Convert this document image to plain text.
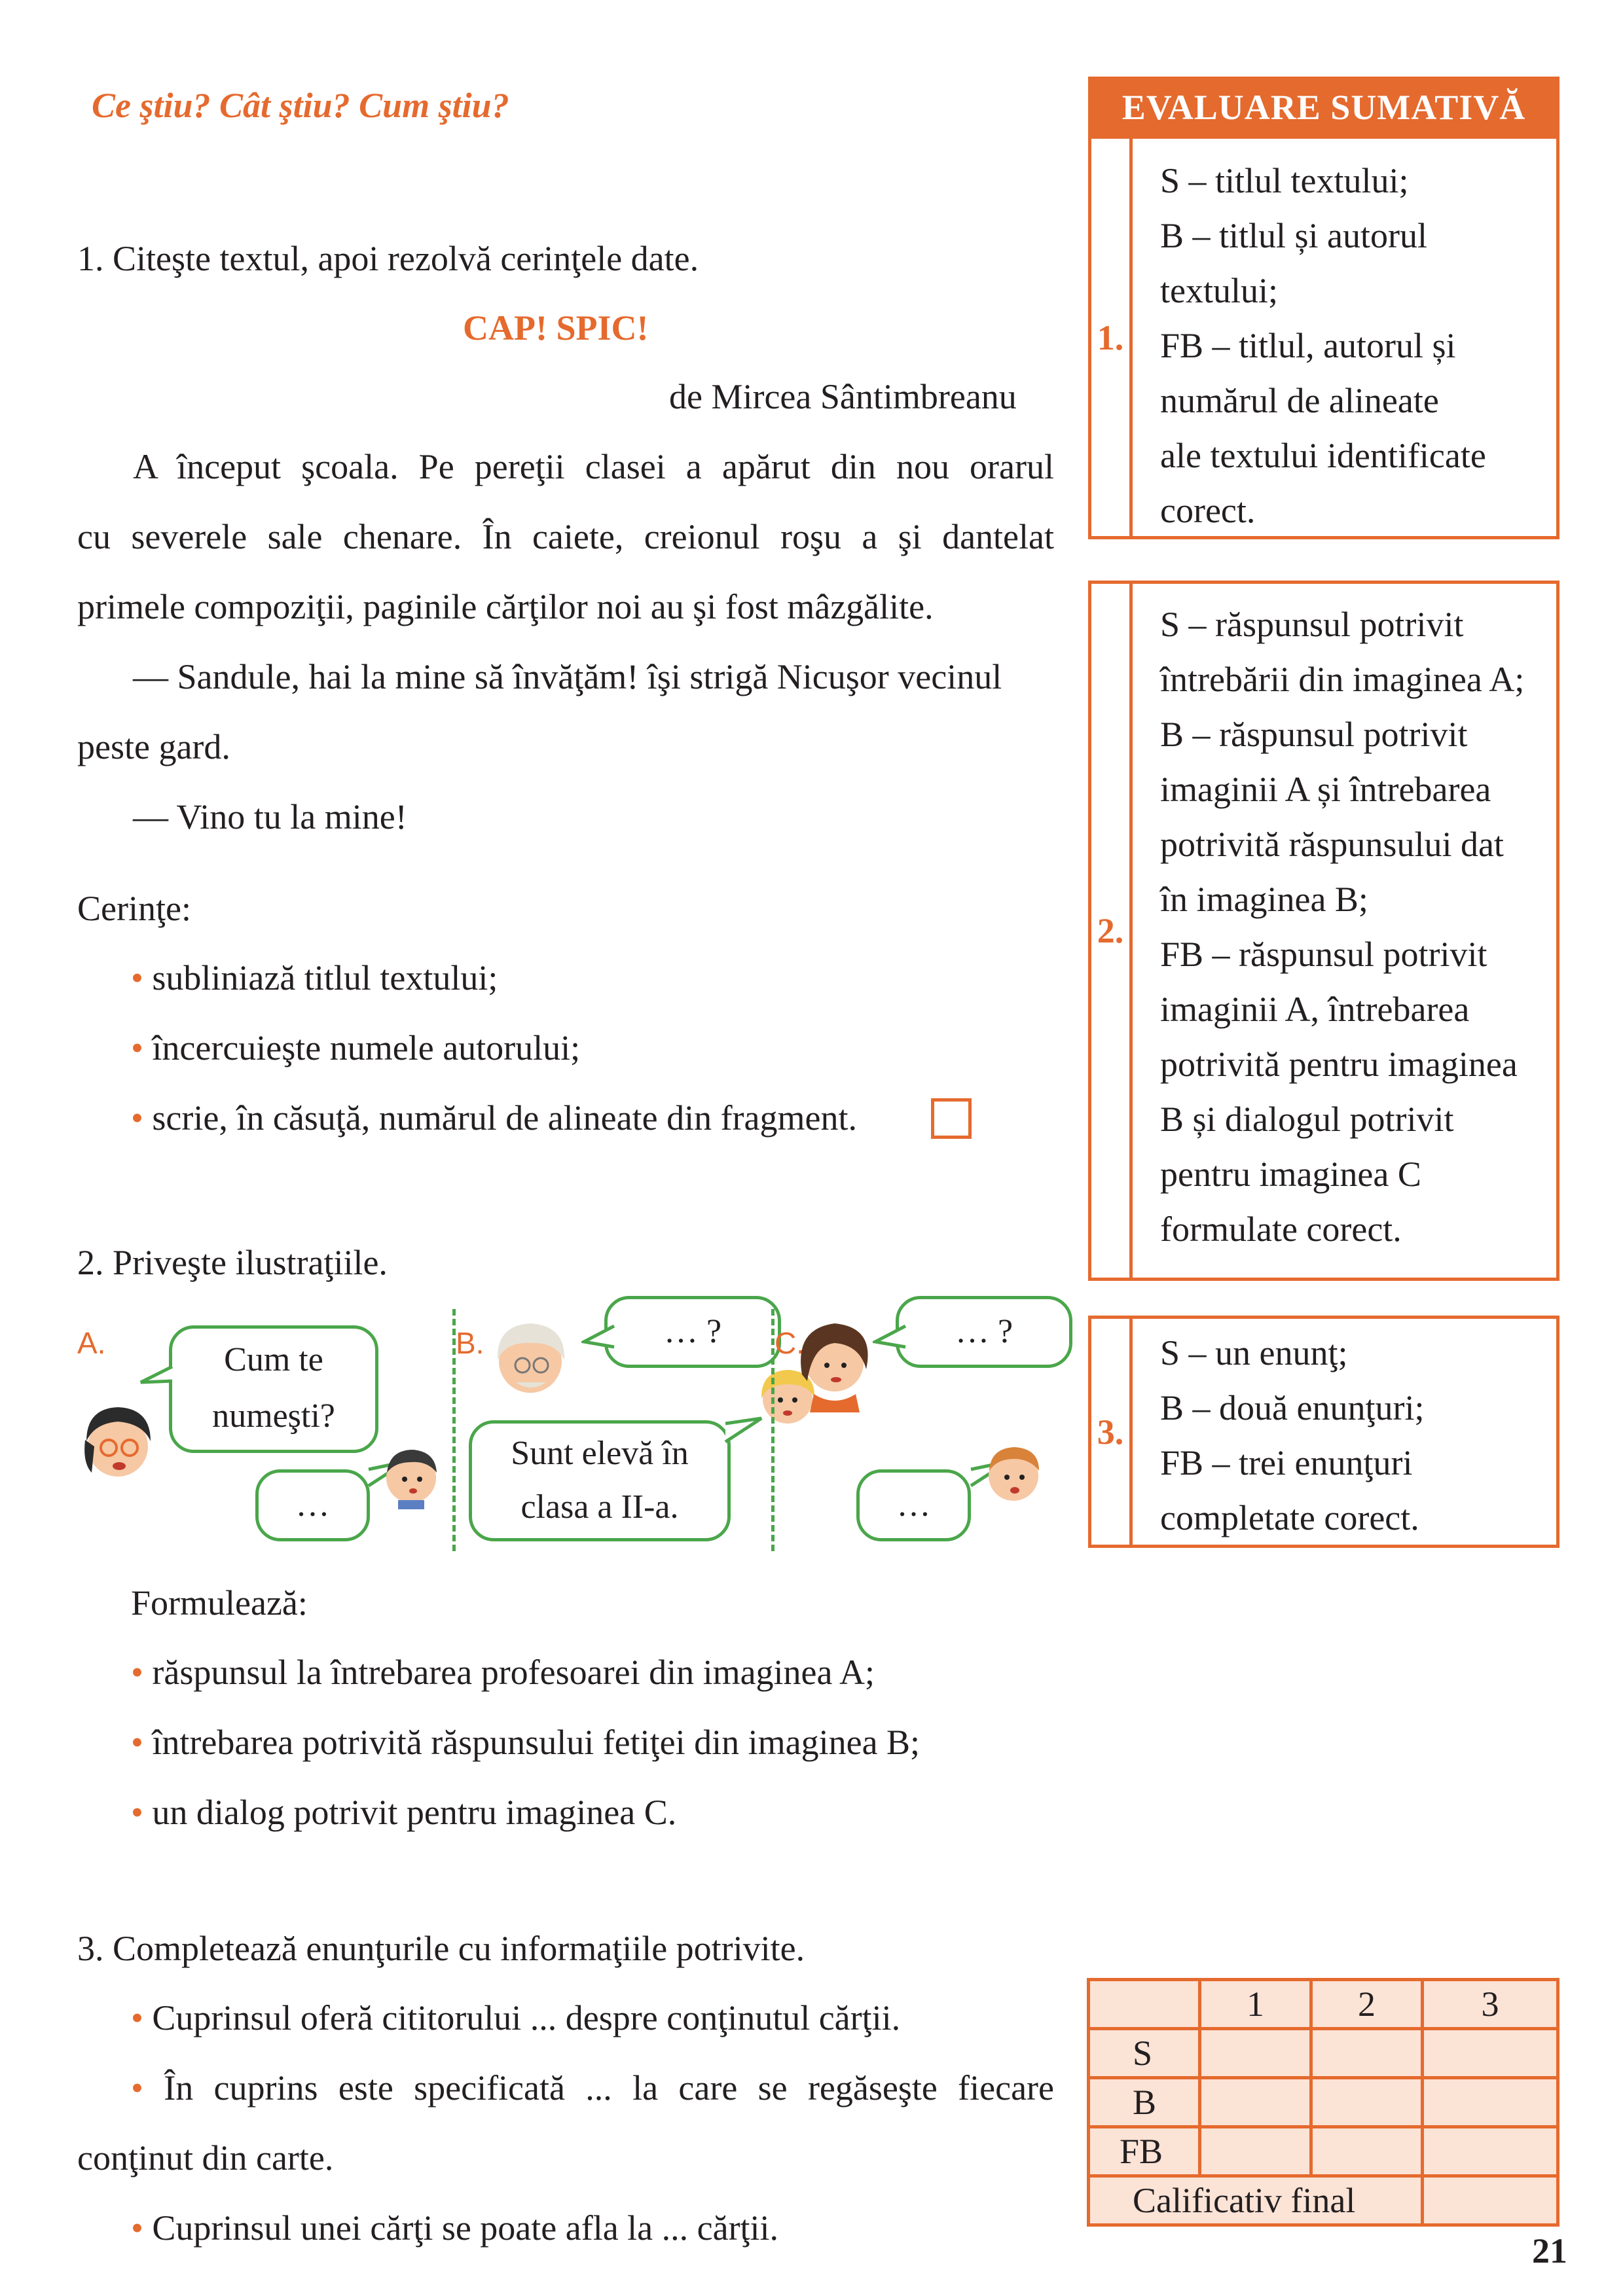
Ce ştiu? Cât ştiu? Cum ştiu?
1. Citeşte textul, apoi rezolvă cerinţele date.
CAP! SPIC!
de Mircea Sântimbreanu
A început şcoala. Pe pereţii clasei a apărut din nou orarul
cu severele sale chenare. În caiete, creionul roşu a şi dantelat
primele compoziţii, paginile cărţilor noi au şi fost mâzgălite.
— Sandule, hai la mine să învăţăm! îşi strigă Nicuşor vecinul
peste gard.
— Vino tu la mine!
Cerinţe:
• subliniază titlul textului;
• încercuieşte numele autorului;
• scrie, în căsuţă, numărul de alineate din fragment.
2. Priveşte ilustraţiile.
A.	Cum te
numeşti?
…
B.	… ?
Sunt elevă în
clasa a II-a.
C.	… ?
…
Formulează:
• răspunsul la întrebarea profesoarei din imaginea A;
• întrebarea potrivită răspunsului fetiţei din imaginea B;
• un dialog potrivit pentru imaginea C.
3. Completează enunţurile cu informaţiile potrivite.
• Cuprinsul oferă cititorului ... despre conţinutul cărţii.
• În cuprins este specificată ... la care se regăseşte fiecare
conţinut din carte.
• Cuprinsul unei cărţi se poate afla la ... cărţii.
EVALUARE SUMATIVĂ
1.
S – titlul textului;
B – titlul și autorul
textului;
FB – titlul, autorul și
numărul de alineate
ale textului identificate
corect.
2.
S – răspunsul potrivit
întrebării din imaginea A;
B – răspunsul potrivit
imaginii A și întrebarea
potrivită răspunsului dat
în imaginea B;
FB – răspunsul potrivit
imaginii A, întrebarea
potrivită pentru imaginea
B și dialogul potrivit
pentru imaginea C
formulate corect.
3.
S – un enunţ;
B – două enunţuri;
FB – trei enunţuri
completate corect.
	1	2	3
S			
B			
FB			
Calificativ final			
21
